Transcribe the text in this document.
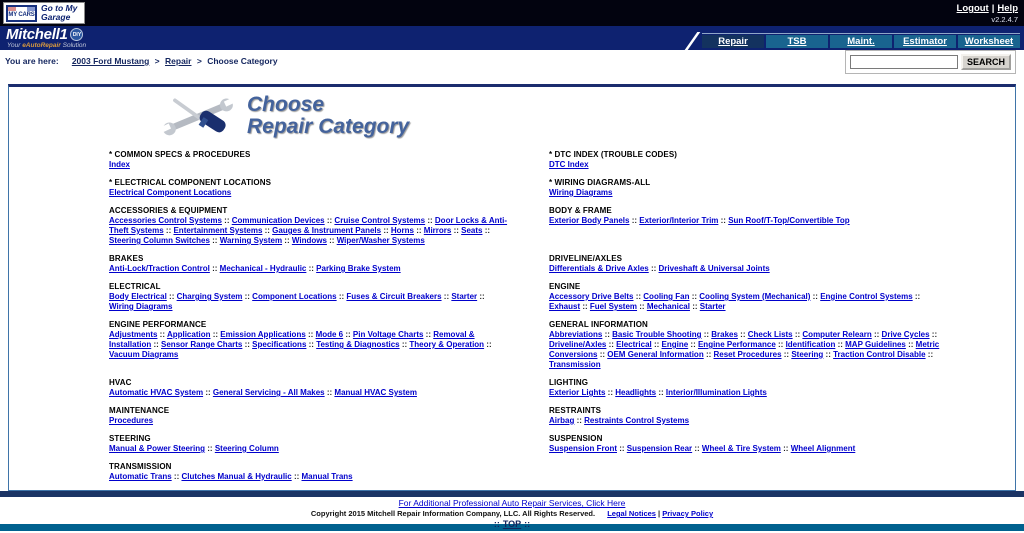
MY CARS
Go to My Garage
Logout | Help
v2.2.4.7
Mitchell1	DIY
Your eAutoRepair Solution	Repair	TSB	Maint.	Estimator	Worksheet
You are here: 2003 Ford Mustang > Repair > Choose Category	SEARCH
Choose
Repair Category
* COMMON SPECS & PROCEDURES
Index
* DTC INDEX (TROUBLE CODES)
DTC Index
* ELECTRICAL COMPONENT LOCATIONS
Electrical Component Locations
* WIRING DIAGRAMS-ALL
Wiring Diagrams
ACCESSORIES & EQUIPMENT
Accessories Control Systems :: Communication Devices :: Cruise Control Systems :: Door Locks & Anti-Theft Systems :: Entertainment Systems :: Gauges & Instrument Panels :: Horns :: Mirrors :: Seats :: Steering Column Switches :: Warning System :: Windows :: Wiper/Washer Systems
BODY & FRAME
Exterior Body Panels :: Exterior/Interior Trim :: Sun Roof/T-Top/Convertible Top
BRAKES
Anti-Lock/Traction Control :: Mechanical - Hydraulic :: Parking Brake System
DRIVELINE/AXLES
Differentials & Drive Axles :: Driveshaft & Universal Joints
ELECTRICAL
Body Electrical :: Charging System :: Component Locations :: Fuses & Circuit Breakers :: Starter :: Wiring Diagrams
ENGINE
Accessory Drive Belts :: Cooling Fan :: Cooling System (Mechanical) :: Engine Control Systems :: Exhaust :: Fuel System :: Mechanical :: Starter
ENGINE PERFORMANCE
Adjustments :: Application :: Emission Applications :: Mode 6 :: Pin Voltage Charts :: Removal & Installation :: Sensor Range Charts :: Specifications :: Testing & Diagnostics :: Theory & Operation :: Vacuum Diagrams
GENERAL INFORMATION
Abbreviations :: Basic Trouble Shooting :: Brakes :: Check Lists :: Computer Relearn :: Drive Cycles :: Driveline/Axles :: Electrical :: Engine :: Engine Performance :: Identification :: MAP Guidelines :: Metric Conversions :: OEM General Information :: Reset Procedures :: Steering :: Traction Control Disable :: Transmission
HVAC
Automatic HVAC System :: General Servicing - All Makes :: Manual HVAC System
LIGHTING
Exterior Lights :: Headlights :: Interior/Illumination Lights
MAINTENANCE
Procedures
RESTRAINTS
Airbag :: Restraints Control Systems
STEERING
Manual & Power Steering :: Steering Column
SUSPENSION
Suspension Front :: Suspension Rear :: Wheel & Tire System :: Wheel Alignment
TRANSMISSION
Automatic Trans :: Clutches Manual & Hydraulic :: Manual Trans
For Additional Professional Auto Repair Services, Click Here
Copyright 2015 Mitchell Repair Information Company, LLC. All Rights Reserved. Legal Notices | Privacy Policy
:: TOP ::
